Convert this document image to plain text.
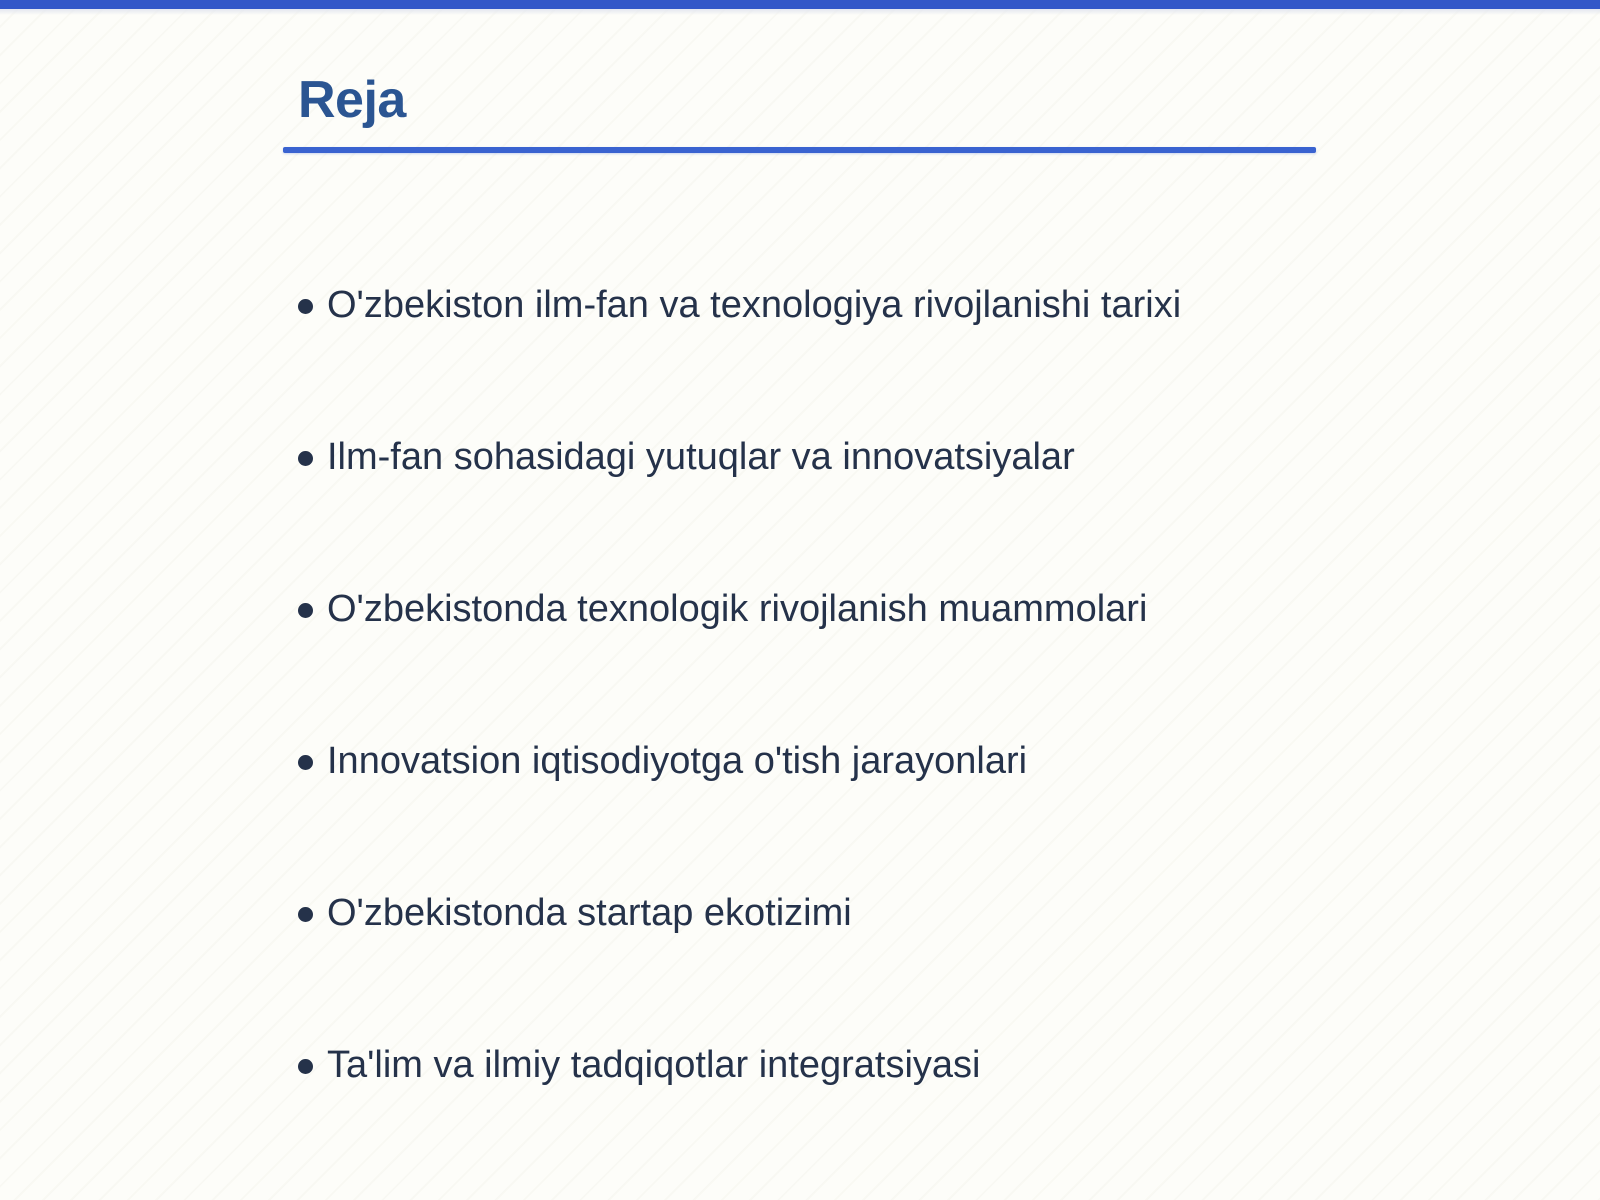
Reja
O'zbekiston ilm-fan va texnologiya rivojlanishi tarixi
Ilm-fan sohasidagi yutuqlar va innovatsiyalar
O'zbekistonda texnologik rivojlanish muammolari
Innovatsion iqtisodiyotga o'tish jarayonlari
O'zbekistonda startap ekotizimi
Ta'lim va ilmiy tadqiqotlar integratsiyasi
